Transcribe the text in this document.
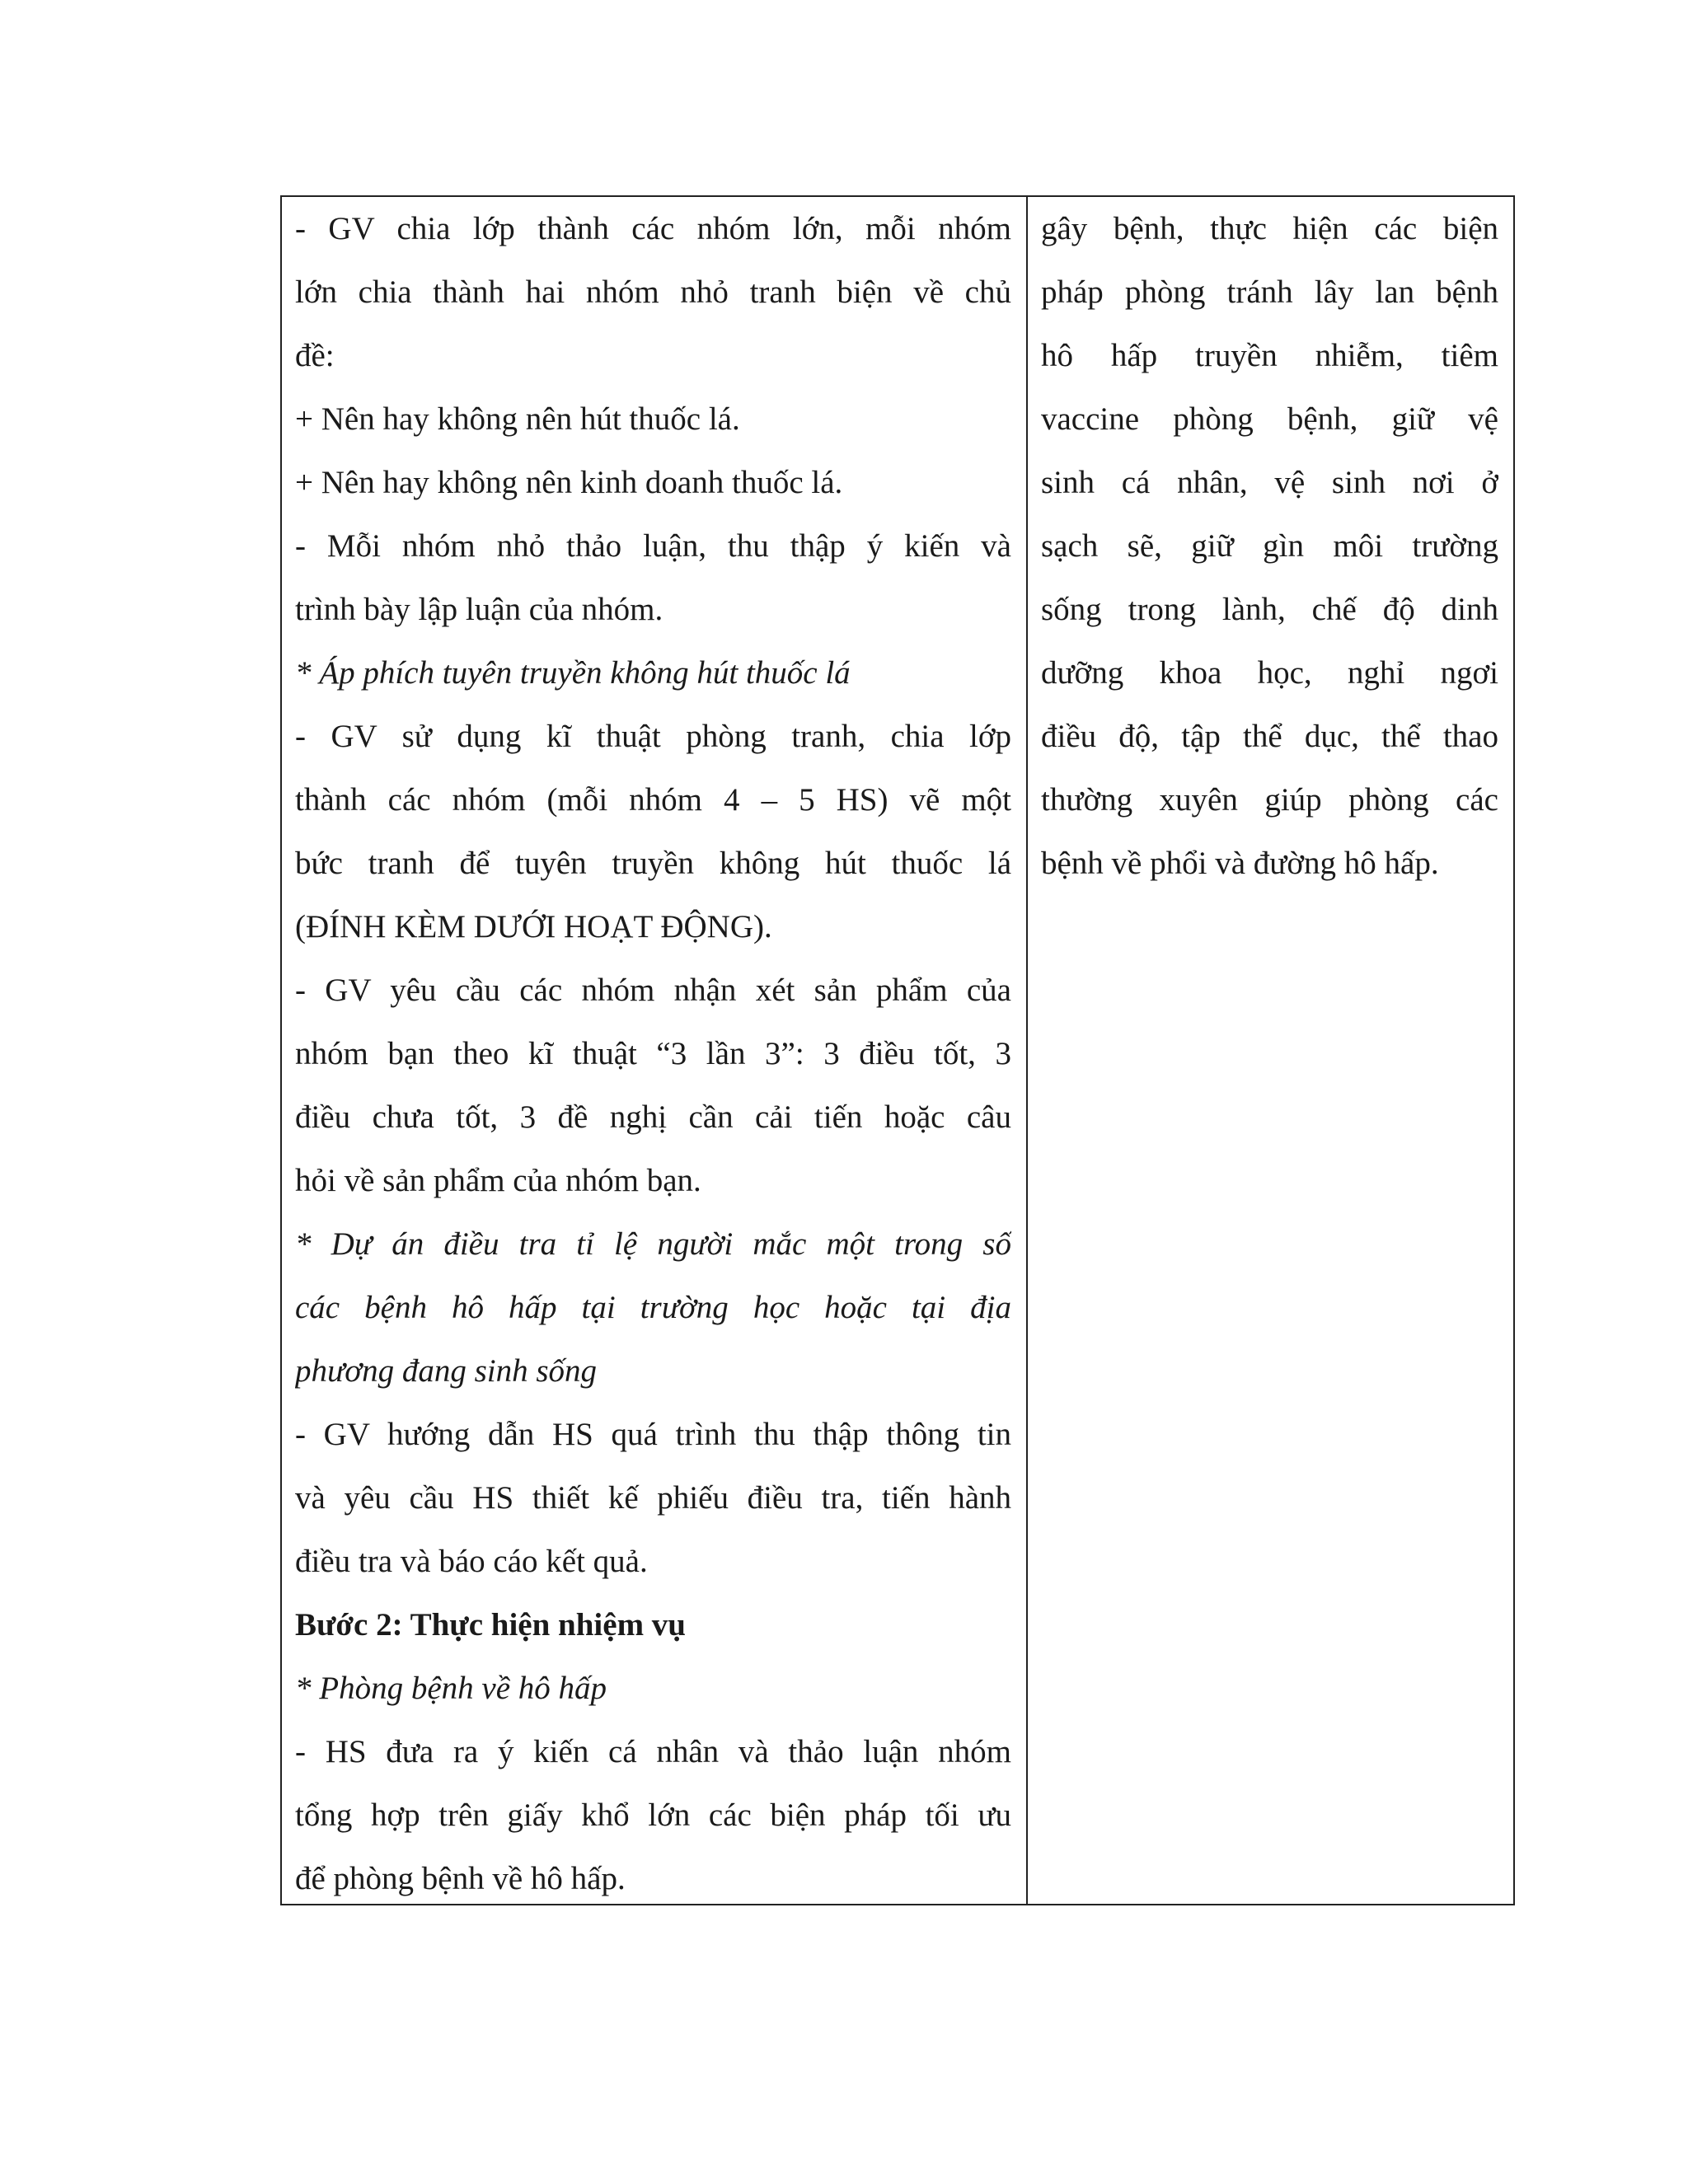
- GV chia lớp thành các nhóm lớn, mỗi nhóm
lớn chia thành hai nhóm nhỏ tranh biện về chủ
đề:
+ Nên hay không nên hút thuốc lá.
+ Nên hay không nên kinh doanh thuốc lá.
- Mỗi nhóm nhỏ thảo luận, thu thập ý kiến và
trình bày lập luận của nhóm.
* Áp phích tuyên truyền không hút thuốc lá
- GV sử dụng kĩ thuật phòng tranh, chia lớp
thành các nhóm (mỗi nhóm 4 – 5 HS) vẽ một
bức tranh để tuyên truyền không hút thuốc lá
(ĐÍNH KÈM DƯỚI HOẠT ĐỘNG).
- GV yêu cầu các nhóm nhận xét sản phẩm của
nhóm bạn theo kĩ thuật “3 lần 3”: 3 điều tốt, 3
điều chưa tốt, 3 đề nghị cần cải tiến hoặc câu
hỏi về sản phẩm của nhóm bạn.
* Dự án điều tra tỉ lệ người mắc một trong số
các bệnh hô hấp tại trường học hoặc tại địa
phương đang sinh sống
- GV hướng dẫn HS quá trình thu thập thông tin
và yêu cầu HS thiết kế phiếu điều tra, tiến hành
điều tra và báo cáo kết quả.
Bước 2: Thực hiện nhiệm vụ
* Phòng bệnh về hô hấp
- HS đưa ra ý kiến cá nhân và thảo luận nhóm
tổng hợp trên giấy khổ lớn các biện pháp tối ưu
để phòng bệnh về hô hấp.
gây bệnh, thực hiện các biện
pháp phòng tránh lây lan bệnh
hô hấp truyền nhiễm, tiêm
vaccine phòng bệnh, giữ vệ
sinh cá nhân, vệ sinh nơi ở
sạch sẽ, giữ gìn môi trường
sống trong lành, chế độ dinh
dưỡng khoa học, nghỉ ngơi
điều độ, tập thể dục, thể thao
thường xuyên giúp phòng các
bệnh về phổi và đường hô hấp.
